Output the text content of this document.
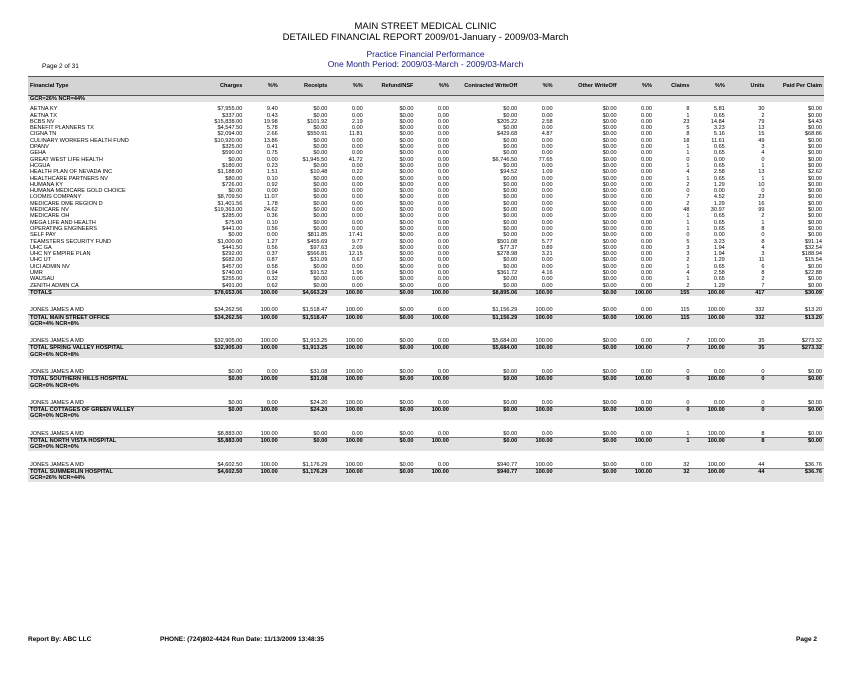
MAIN STREET MEDICAL CLINIC
DETAILED FINANCIAL REPORT 2009/01-January - 2009/03-March
Practice Financial Performance
One Month Period: 2009/03-March - 2009/03-March
Page 2 of 31
Financial Type	Charges	%%	Receipts	%%	Refund/NSF	%%	Contracted WriteOff	%%	Other WriteOff	%%	Claims	%%	Units	Paid Per Claim
GCR=26% NCR=44%														

AETNA KY	$7,955.00	9.40	$0.00	0.00	$0.00	0.00	$0.00	0.00	$0.00	0.00	8	5.81	30	$0.00
AETNA TX	$337.00	0.43	$0.00	0.00	$0.00	0.00	$0.00	0.00	$0.00	0.00	1	0.65	2	$0.00
BCBS NV	$15,838.00	19.98	$101.92	2.19	$0.00	0.00	$205.22	2.58	$0.00	0.00	23	14.84	79	$4.43
BENEFIT PLANNERS TX	$4,547.50	5.78	$0.00	0.00	$0.00	0.00	$0.00	0.00	$0.00	0.00	5	3.23	13	$0.00
CIGNA TN	$2,094.00	2.66	$550.91	11.81	$0.00	0.00	$429.68	4.87	$0.00	0.00	8	5.16	15	$68.86
CULINARY WORKERS HEALTH FUND	$10,920.00	13.86	$0.00	0.00	$0.00	0.00	$0.00	0.00	$0.00	0.00	18	11.61	49	$0.00
DPANV	$325.00	0.41	$0.00	0.00	$0.00	0.00	$0.00	0.00	$0.00	0.00	1	0.65	3	$0.00
GEHA	$590.00	0.75	$0.00	0.00	$0.00	0.00	$0.00	0.00	$0.00	0.00	1	0.65	4	$0.00
GREAT WEST LIFE HEALTH	$0.00	0.00	$1,945.50	41.72	$0.00	0.00	$6,746.50	77.65	$0.00	0.00	0	0.00	0	$0.00
HCGUA	$180.00	0.23	$0.00	0.00	$0.00	0.00	$0.00	0.00	$0.00	0.00	1	0.65	1	$0.00
HEALTH PLAN OF NEVADA INC	$1,188.00	1.51	$10.48	0.22	$0.00	0.00	$94.52	1.09	$0.00	0.00	4	2.58	13	$2.62
HEALTHCARE PARTNERS NV	$80.00	0.10	$0.00	0.00	$0.00	0.00	$0.00	0.00	$0.00	0.00	1	0.65	1	$0.00
HUMANA KY	$726.00	0.92	$0.00	0.00	$0.00	0.00	$0.00	0.00	$0.00	0.00	2	1.29	10	$0.00
HUMANA MEDICARE GOLD CHOICE	$0.00	0.00	$0.00	0.00	$0.00	0.00	$0.00	0.00	$0.00	0.00	0	0.00	0	$0.00
LOOMIS COMPANY	$8,709.50	11.07	$0.00	0.00	$0.00	0.00	$0.00	0.00	$0.00	0.00	7	4.52	23	$0.00
MEDICARE DME REGION D	$1,401.56	1.78	$0.00	0.00	$0.00	0.00	$0.00	0.00	$0.00	0.00	2	1.29	16	$0.00
MEDICARE NV	$19,363.00	24.62	$0.00	0.00	$0.00	0.00	$0.00	0.00	$0.00	0.00	48	30.97	99	$0.00
MEDICARE OH	$285.00	0.36	$0.00	0.00	$0.00	0.00	$0.00	0.00	$0.00	0.00	1	0.65	2	$0.00
MEGA LIFE AND HEALTH	$75.00	0.10	$0.00	0.00	$0.00	0.00	$0.00	0.00	$0.00	0.00	1	0.65	1	$0.00
OPERATING ENGINEERS	$441.00	0.56	$0.00	0.00	$0.00	0.00	$0.00	0.00	$0.00	0.00	1	0.65	8	$0.00
SELF PAY	$0.00	0.00	$811.85	17.41	$0.00	0.00	$0.00	0.00	$0.00	0.00	0	0.00	0	$0.00
TEAMSTERS SECURITY FUND	$1,000.00	1.27	$455.69	9.77	$0.00	0.00	$501.08	5.77	$0.00	0.00	5	3.23	8	$91.14
UHC GA	$441.50	0.56	$97.63	2.09	$0.00	0.00	$77.37	0.89	$0.00	0.00	3	1.94	4	$32.54
UHC NY EMPIRE PLAN	$292.00	0.37	$566.81	12.15	$0.00	0.00	$278.98	3.21	$0.00	0.00	3	1.94	3	$188.94
UHC UT	$682.00	0.87	$31.09	0.67	$0.00	0.00	$0.00	0.00	$0.00	0.00	2	1.29	11	$15.54
UICI ADMIN NV	$457.00	0.58	$0.00	0.00	$0.00	0.00	$0.00	0.00	$0.00	0.00	1	0.65	6	$0.00
UMR	$740.00	0.94	$91.52	1.96	$0.00	0.00	$361.72	4.16	$0.00	0.00	4	2.58	8	$22.88
WAUSAU	$255.00	0.32	$0.00	0.00	$0.00	0.00	$0.00	0.00	$0.00	0.00	1	0.65	2	$0.00
ZENITH ADMIN CA	$491.00	0.62	$0.00	0.00	$0.00	0.00	$0.00	0.00	$0.00	0.00	2	1.29	7	$0.00
TOTALS	$78,653.06	100.00	$4,663.29	100.00	$0.00	100.00	$8,895.06	100.00	$0.00	100.00	155	100.00	417	$30.09

JONES JAMES A MD	$34,262.56	100.00	$1,518.47	100.00	$0.00	0.00	$1,156.29	100.00	$0.00	0.00	115	100.00	332	$13.20
TOTAL MAIN STREET OFFICE	$34,262.56	100.00	$1,518.47	100.00	$0.00	100.00	$1,156.29	100.00	$0.00	100.00	115	100.00	332	$13.20
GCR=4% NCR=8%														

JONES JAMES A MD	$32,905.00	100.00	$1,913.25	100.00	$0.00	0.00	$5,684.00	100.00	$0.00	0.00	7	100.00	35	$273.32
TOTAL SPRING VALLEY HOSPITAL	$32,905.00	100.00	$1,913.25	100.00	$0.00	100.00	$5,684.00	100.00	$0.00	100.00	7	100.00	35	$273.32
GCR=6% NCR=8%														

JONES JAMES A MD	$0.00	0.00	$31.08	100.00	$0.00	0.00	$0.00	0.00	$0.00	0.00	0	0.00	0	$0.00
TOTAL SOUTHERN HILLS HOSPITAL	$0.00	100.00	$31.08	100.00	$0.00	100.00	$0.00	100.00	$0.00	100.00	0	100.00	0	$0.00
GCR=0% NCR=0%														

JONES JAMES A MD	$0.00	0.00	$24.20	100.00	$0.00	0.00	$0.00	0.00	$0.00	0.00	0	0.00	0	$0.00
TOTAL COTTAGES OF GREEN VALLEY	$0.00	100.00	$24.20	100.00	$0.00	100.00	$0.00	100.00	$0.00	100.00	0	100.00	0	$0.00
GCR=0% NCR=0%														

JONES JAMES A MD	$8,883.00	100.00	$0.00	0.00	$0.00	0.00	$0.00	0.00	$0.00	0.00	1	100.00	8	$0.00
TOTAL NORTH VISTA HOSPITAL	$5,883.00	100.00	$0.00	100.00	$0.00	100.00	$0.00	100.00	$0.00	100.00	1	100.00	8	$0.00
GCR=0% NCR=0%														

JONES JAMES A MD	$4,602.50	100.00	$1,176.29	100.00	$0.00	0.00	$940.77	100.00	$0.00	0.00	32	100.00	44	$36.76
TOTAL SUMMERLIN HOSPITAL	$4,602.50	100.00	$1,176.29	100.00	$0.00	100.00	$940.77	100.00	$0.00	100.00	32	100.00	44	$36.76
GCR=26% NCR=44%														
Report By: ABC LLC	PHONE: (724)802-4424 Run Date: 11/13/2009 13:48:35	Page 2
